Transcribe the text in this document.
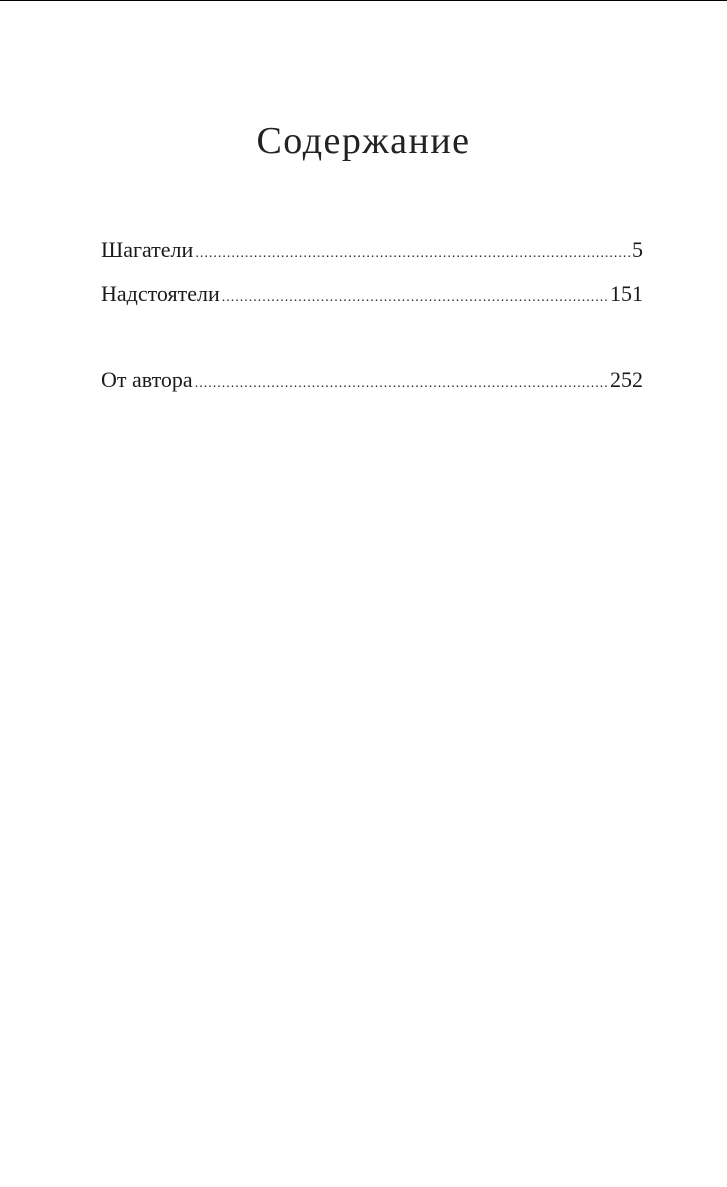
Содержание
Шагатели .....	5
Надстоятели .....	151
От автора .....	252
